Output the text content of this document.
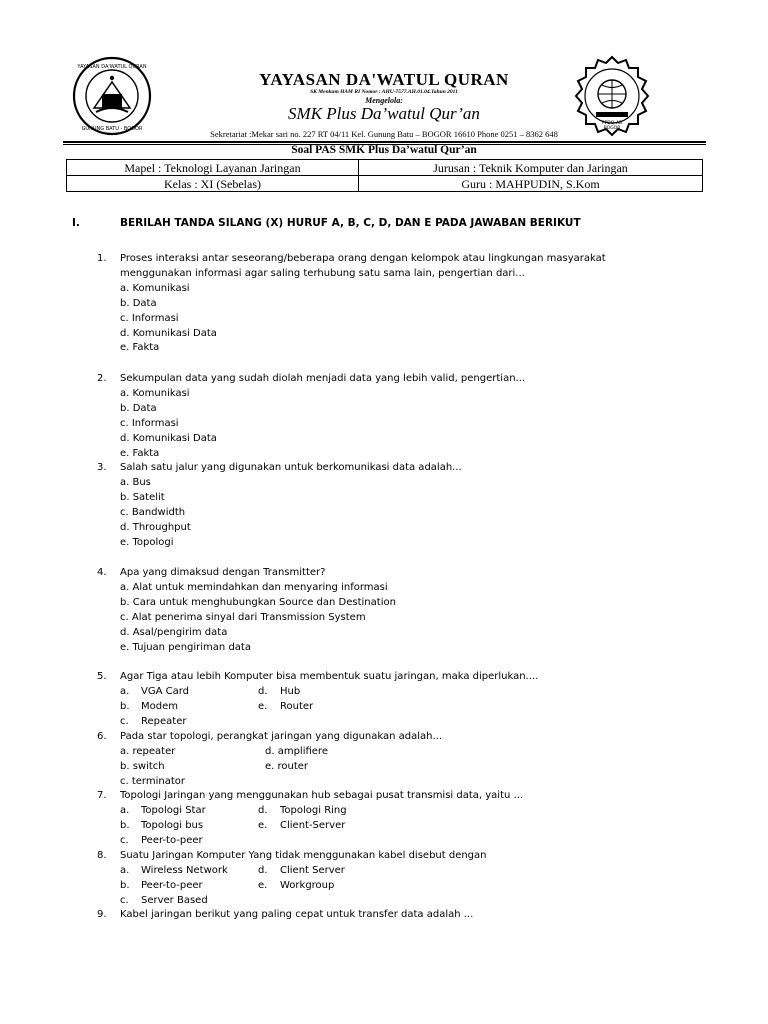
YAYASAN DA'WATUL QURAN
GUNUNG BATU - BOGOR
PPDQ-AB
BOGOR
YAYASAN DA'WATUL QURAN
SK Menkum HAM RI Nomor : AHU-7577.AH.01.04.Tahun 2011
Mengelola:
SMK Plus Da’watul Qur’an
Sekretariat :Mekar sari no. 227 RT 04/11 Kel. Gunung Batu – BOGOR 16610 Phone 0251 – 8362 648
Soal PAS SMK Plus Da’watul Qur’an
Mapel : Teknologi Layanan Jaringan	Jurusan : Teknik Komputer dan Jaringan
Kelas : XI (Sebelas)	Guru : MAHPUDIN, S.Kom
I.	BERILAH TANDA SILANG (X) HURUF A, B, C, D, DAN E PADA JAWABAN BERIKUT
1. Proses interaksi antar seseorang/beberapa orang dengan kelompok atau lingkungan masyarakat
menggunakan informasi agar saling terhubung satu sama lain, pengertian dari...
a. Komunikasi
b. Data
c. Informasi
d. Komunikasi Data
e. Fakta
2. Sekumpulan data yang sudah diolah menjadi data yang lebih valid, pengertian...
a. Komunikasi
b. Data
c. Informasi
d. Komunikasi Data
e. Fakta
3. Salah satu jalur yang digunakan untuk berkomunikasi data adalah...
a. Bus
b. Satelit
c. Bandwidth
d. Throughput
e. Topologi
4. Apa yang dimaksud dengan Transmitter?
a. Alat untuk memindahkan dan menyaring informasi
b. Cara untuk menghubungkan Source dan Destination
c. Alat penerima sinyal dari Transmission System
d. Asal/pengirim data
e. Tujuan pengiriman data
5. Agar Tiga atau lebih Komputer bisa membentuk suatu jaringan, maka diperlukan....
a. VGA Card	d. Hub
b. Modem	e. Router
c. Repeater
6. Pada star topologi, perangkat jaringan yang digunakan adalah...
a. repeater	d. amplifiere
b. switch	e. router
c. terminator
7. Topologi Jaringan yang menggunakan hub sebagai pusat transmisi data, yaitu ...
a. Topologi Star	d. Topologi Ring
b. Topologi bus	e. Client-Server
c. Peer-to-peer
8. Suatu Jaringan Komputer Yang tidak menggunakan kabel disebut dengan
a. Wireless Network	d. Client Server
b. Peer-to-peer	e. Workgroup
c. Server Based
9. Kabel jaringan berikut yang paling cepat untuk transfer data adalah ...
